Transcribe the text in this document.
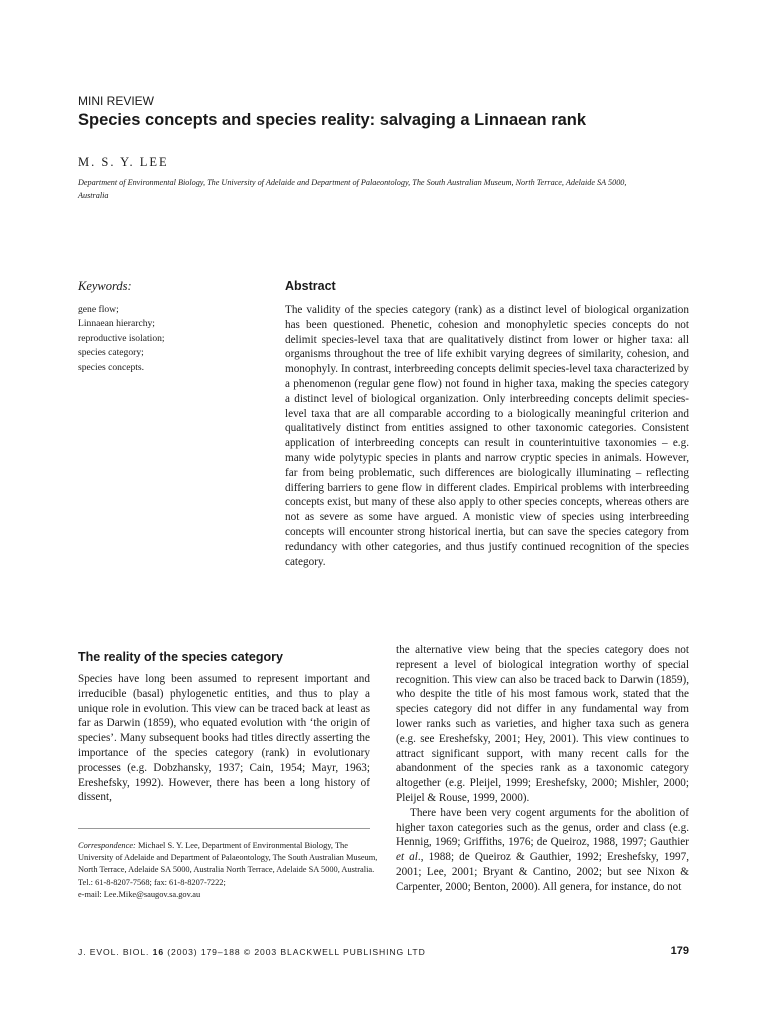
MINI REVIEW
Species concepts and species reality: salvaging a Linnaean rank
M. S. Y. LEE
Department of Environmental Biology, The University of Adelaide and Department of Palaeontology, The South Australian Museum, North Terrace, Adelaide SA 5000, Australia
Keywords:
gene flow;
Linnaean hierarchy;
reproductive isolation;
species category;
species concepts.
Abstract

The validity of the species category (rank) as a distinct level of biological organization has been questioned. Phenetic, cohesion and monophyletic species concepts do not delimit species-level taxa that are qualitatively distinct from lower or higher taxa: all organisms throughout the tree of life exhibit varying degrees of similarity, cohesion, and monophyly. In contrast, interbreeding concepts delimit species-level taxa characterized by a phenomenon (regular gene flow) not found in higher taxa, making the species category a distinct level of biological organization. Only interbreeding concepts delimit species-level taxa that are all comparable according to a biologically meaningful criterion and qualitatively distinct from entities assigned to other taxonomic categories. Consistent application of interbreeding concepts can result in counterintuitive taxonomies – e.g. many wide polytypic species in plants and narrow cryptic species in animals. However, far from being problematic, such differences are biologically illuminating – reflecting differing barriers to gene flow in different clades. Empirical problems with interbreeding concepts exist, but many of these also apply to other species concepts, whereas others are not as severe as some have argued. A monistic view of species using interbreeding concepts will encounter strong historical inertia, but can save the species category from redundancy with other categories, and thus justify continued recognition of the species category.

The reality of the species category

Species have long been assumed to represent important and irreducible (basal) phylogenetic entities, and thus to play a unique role in evolution. This view can be traced back at least as far as Darwin (1859), who equated evolution with ‘the origin of species’. Many subsequent books had titles directly asserting the importance of the species category (rank) in evolutionary processes (e.g. Dobzhansky, 1937; Cain, 1954; Mayr, 1963; Ereshefsky, 1992). However, there has been a long history of dissent,

the alternative view being that the species category does not represent a level of biological integration worthy of special recognition. This view can also be traced back to Darwin (1859), who despite the title of his most famous work, stated that the species category did not differ in any fundamental way from lower ranks such as varieties, and higher taxa such as genera (e.g. see Ereshefsky, 2001; Hey, 2001). This view continues to attract significant support, with many recent calls for the abandonment of the species rank as a taxonomic category altogether (e.g. Pleijel, 1999; Ereshefsky, 2000; Mishler, 2000; Pleijel & Rouse, 1999, 2000).

There have been very cogent arguments for the abolition of higher taxon categories such as the genus, order and class (e.g. Hennig, 1969; Griffiths, 1976; de Queiroz, 1988, 1997; Gauthier et al., 1988; de Queiroz & Gauthier, 1992; Ereshefsky, 1997, 2001; Lee, 2001; Bryant & Cantino, 2002; but see Nixon & Carpenter, 2000; Benton, 2000). All genera, for instance, do not

Correspondence: Michael S. Y. Lee, Department of Environmental Biology, The University of Adelaide and Department of Palaeontology, The South Australian Museum, North Terrace, Adelaide SA 5000, Australia North Terrace, Adelaide SA 5000, Australia.
Tel.: 61-8-8207-7568; fax: 61-8-8207-7222;
e-mail: Lee.Mike@saugov.sa.gov.au
J. EVOL. BIOL. 16 (2003) 179–188 © 2003 BLACKWELL PUBLISHING LTD	179
